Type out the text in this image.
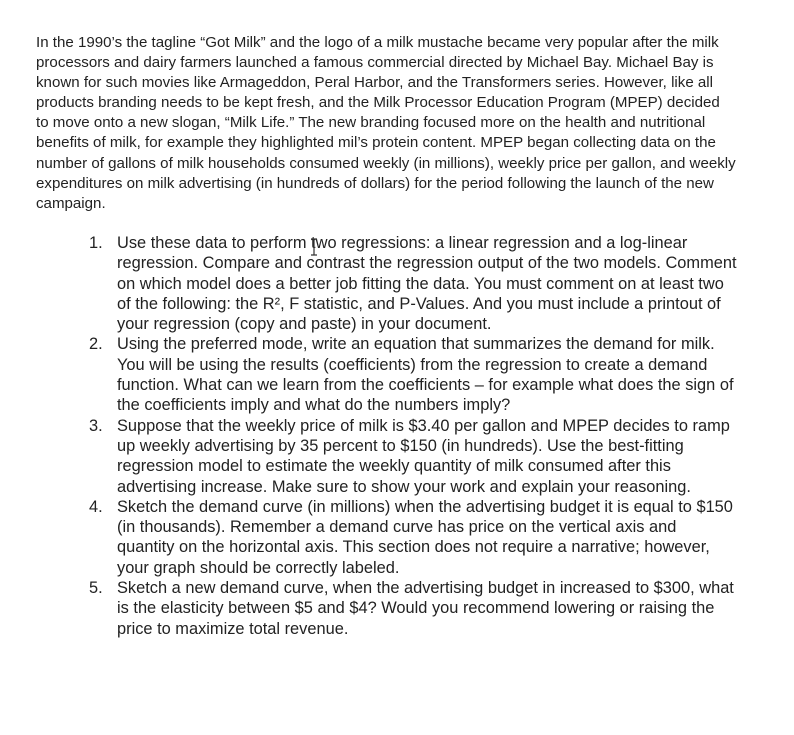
In the 1990’s the tagline “Got Milk” and the logo of a milk mustache became very popular after the milk processors and dairy farmers launched a famous commercial directed by Michael Bay. Michael Bay is known for such movies like Armageddon, Peral Harbor, and the Transformers series. However, like all products branding needs to be kept fresh, and the Milk Processor Education Program (MPEP) decided to move onto a new slogan, “Milk Life.” The new branding focused more on the health and nutritional benefits of milk, for example they highlighted mil’s protein content. MPEP began collecting data on the number of gallons of milk households consumed weekly (in millions), weekly price per gallon, and weekly expenditures on milk advertising (in hundreds of dollars) for the period following the launch of the new campaign.

1. Use these data to perform two regressions: a linear regression and a log-linear regression. Compare and contrast the regression output of the two models. Comment on which model does a better job fitting the data. You must comment on at least two of the following: the R², F statistic, and P-Values. And you must include a printout of your regression (copy and paste) in your document.
2. Using the preferred mode, write an equation that summarizes the demand for milk. You will be using the results (coefficients) from the regression to create a demand function. What can we learn from the coefficients – for example what does the sign of the coefficients imply and what do the numbers imply?
3. Suppose that the weekly price of milk is $3.40 per gallon and MPEP decides to ramp up weekly advertising by 35 percent to $150 (in hundreds). Use the best-fitting regression model to estimate the weekly quantity of milk consumed after this advertising increase. Make sure to show your work and explain your reasoning.
4. Sketch the demand curve (in millions) when the advertising budget it is equal to $150 (in thousands). Remember a demand curve has price on the vertical axis and quantity on the horizontal axis. This section does not require a narrative; however, your graph should be correctly labeled.
5. Sketch a new demand curve, when the advertising budget in increased to $300, what is the elasticity between $5 and $4? Would you recommend lowering or raising the price to maximize total revenue.
